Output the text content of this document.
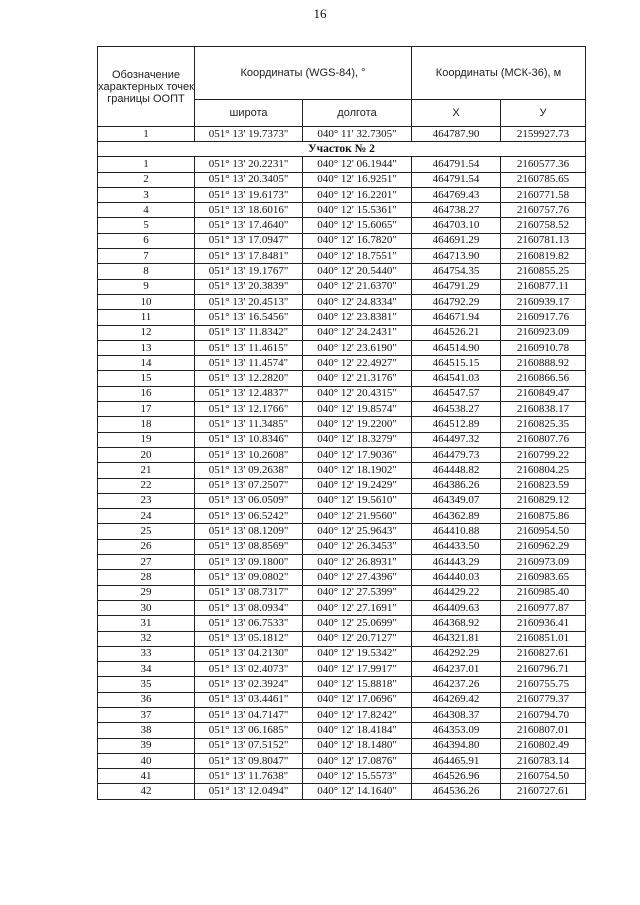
16
Обозначение характерных точек границы ООПТ	Координаты (WGS-84), °		Координаты (МСК-36), м	
	широта	долгота	X	У
1	051° 13' 19.7373"	040° 11' 32.7305"	464787.90	2159927.73
Участок № 2				
1	051° 13' 20.2231"	040° 12' 06.1944"	464791.54	2160577.36
2	051° 13' 20.3405"	040° 12' 16.9251"	464791.54	2160785.65
3	051° 13' 19.6173"	040° 12' 16.2201"	464769.43	2160771.58
4	051° 13' 18.6016"	040° 12' 15.5361"	464738.27	2160757.76
5	051° 13' 17.4640"	040° 12' 15.6065"	464703.10	2160758.52
6	051° 13' 17.0947"	040° 12' 16.7820"	464691.29	2160781.13
7	051° 13' 17.8481"	040° 12' 18.7551"	464713.90	2160819.82
8	051° 13' 19.1767"	040° 12' 20.5440"	464754.35	2160855.25
9	051° 13' 20.3839"	040° 12' 21.6370"	464791.29	2160877.11
10	051° 13' 20.4513"	040° 12' 24.8334"	464792.29	2160939.17
11	051° 13' 16.5456"	040° 12' 23.8381"	464671.94	2160917.76
12	051° 13' 11.8342"	040° 12' 24.2431"	464526.21	2160923.09
13	051° 13' 11.4615"	040° 12' 23.6190"	464514.90	2160910.78
14	051° 13' 11.4574"	040° 12' 22.4927"	464515.15	2160888.92
15	051° 13' 12.2820"	040° 12' 21.3176"	464541.03	2160866.56
16	051° 13' 12.4837"	040° 12' 20.4315"	464547.57	2160849.47
17	051° 13' 12.1766"	040° 12' 19.8574"	464538.27	2160838.17
18	051° 13' 11.3485"	040° 12' 19.2200"	464512.89	2160825.35
19	051° 13' 10.8346"	040° 12' 18.3279"	464497.32	2160807.76
20	051° 13' 10.2608"	040° 12' 17.9036"	464479.73	2160799.22
21	051° 13' 09.2638"	040° 12' 18.1902"	464448.82	2160804.25
22	051° 13' 07.2507"	040° 12' 19.2429"	464386.26	2160823.59
23	051° 13' 06.0509"	040° 12' 19.5610"	464349.07	2160829.12
24	051° 13' 06.5242"	040° 12' 21.9560"	464362.89	2160875.86
25	051° 13' 08.1209"	040° 12' 25.9643"	464410.88	2160954.50
26	051° 13' 08.8569"	040° 12' 26.3453"	464433.50	2160962.29
27	051° 13' 09.1800"	040° 12' 26.8931"	464443.29	2160973.09
28	051° 13' 09.0802"	040° 12' 27.4396"	464440.03	2160983.65
29	051° 13' 08.7317"	040° 12' 27.5399"	464429.22	2160985.40
30	051° 13' 08.0934"	040° 12' 27.1691"	464409.63	2160977.87
31	051° 13' 06.7533"	040° 12' 25.0699"	464368.92	2160936.41
32	051° 13' 05.1812"	040° 12' 20.7127"	464321.81	2160851.01
33	051° 13' 04.2130"	040° 12' 19.5342"	464292.29	2160827.61
34	051° 13' 02.4073"	040° 12' 17.9917"	464237.01	2160796.71
35	051° 13' 02.3924"	040° 12' 15.8818"	464237.26	2160755.75
36	051° 13' 03.4461"	040° 12' 17.0696"	464269.42	2160779.37
37	051° 13' 04.7147"	040° 12' 17.8242"	464308.37	2160794.70
38	051° 13' 06.1685"	040° 12' 18.4184"	464353.09	2160807.01
39	051° 13' 07.5152"	040° 12' 18.1480"	464394.80	2160802.49
40	051° 13' 09.8047"	040° 12' 17.0876"	464465.91	2160783.14
41	051° 13' 11.7638"	040° 12' 15.5573"	464526.96	2160754.50
42	051° 13' 12.0494"	040° 12' 14.1640"	464536.26	2160727.61
